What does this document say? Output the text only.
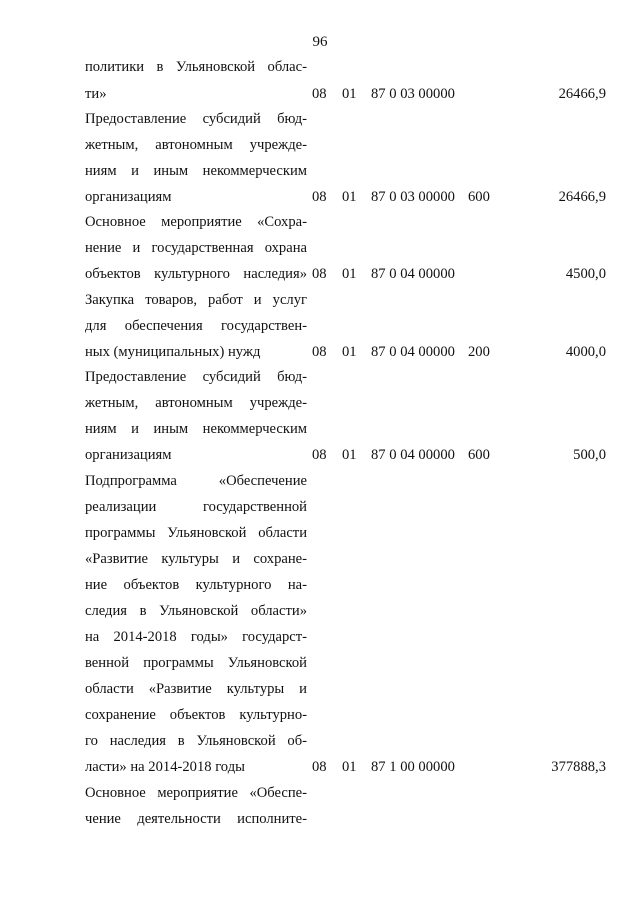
96
политики в Ульяновской облас-
ти»	08 01 87 0 03 00000	26466,9
Предоставление субсидий бюд-
жетным, автономным учрежде-
ниям и иным некоммерческим
организациям	08 01 87 0 03 00000 600	26466,9
Основное мероприятие «Сохра-
нение и государственная охрана
объектов культурного наследия» 08 01 87 0 04 00000	4500,0
Закупка товаров, работ и услуг
для обеспечения государствен-
ных (муниципальных) нужд	08 01 87 0 04 00000 200	4000,0
Предоставление субсидий бюд-
жетным, автономным учрежде-
ниям и иным некоммерческим
организациям	08 01 87 0 04 00000 600	500,0
Подпрограмма «Обеспечение
реализации государственной
программы Ульяновской области
«Развитие культуры и сохране-
ние объектов культурного на-
следия в Ульяновской области»
на 2014-2018 годы» государст-
венной программы Ульяновской
области «Развитие культуры и
сохранение объектов культурно-
го наследия в Ульяновской об-
ласти» на 2014-2018 годы	08 01 87 1 00 00000	377888,3
Основное мероприятие «Обеспе-
чение деятельности исполните-
